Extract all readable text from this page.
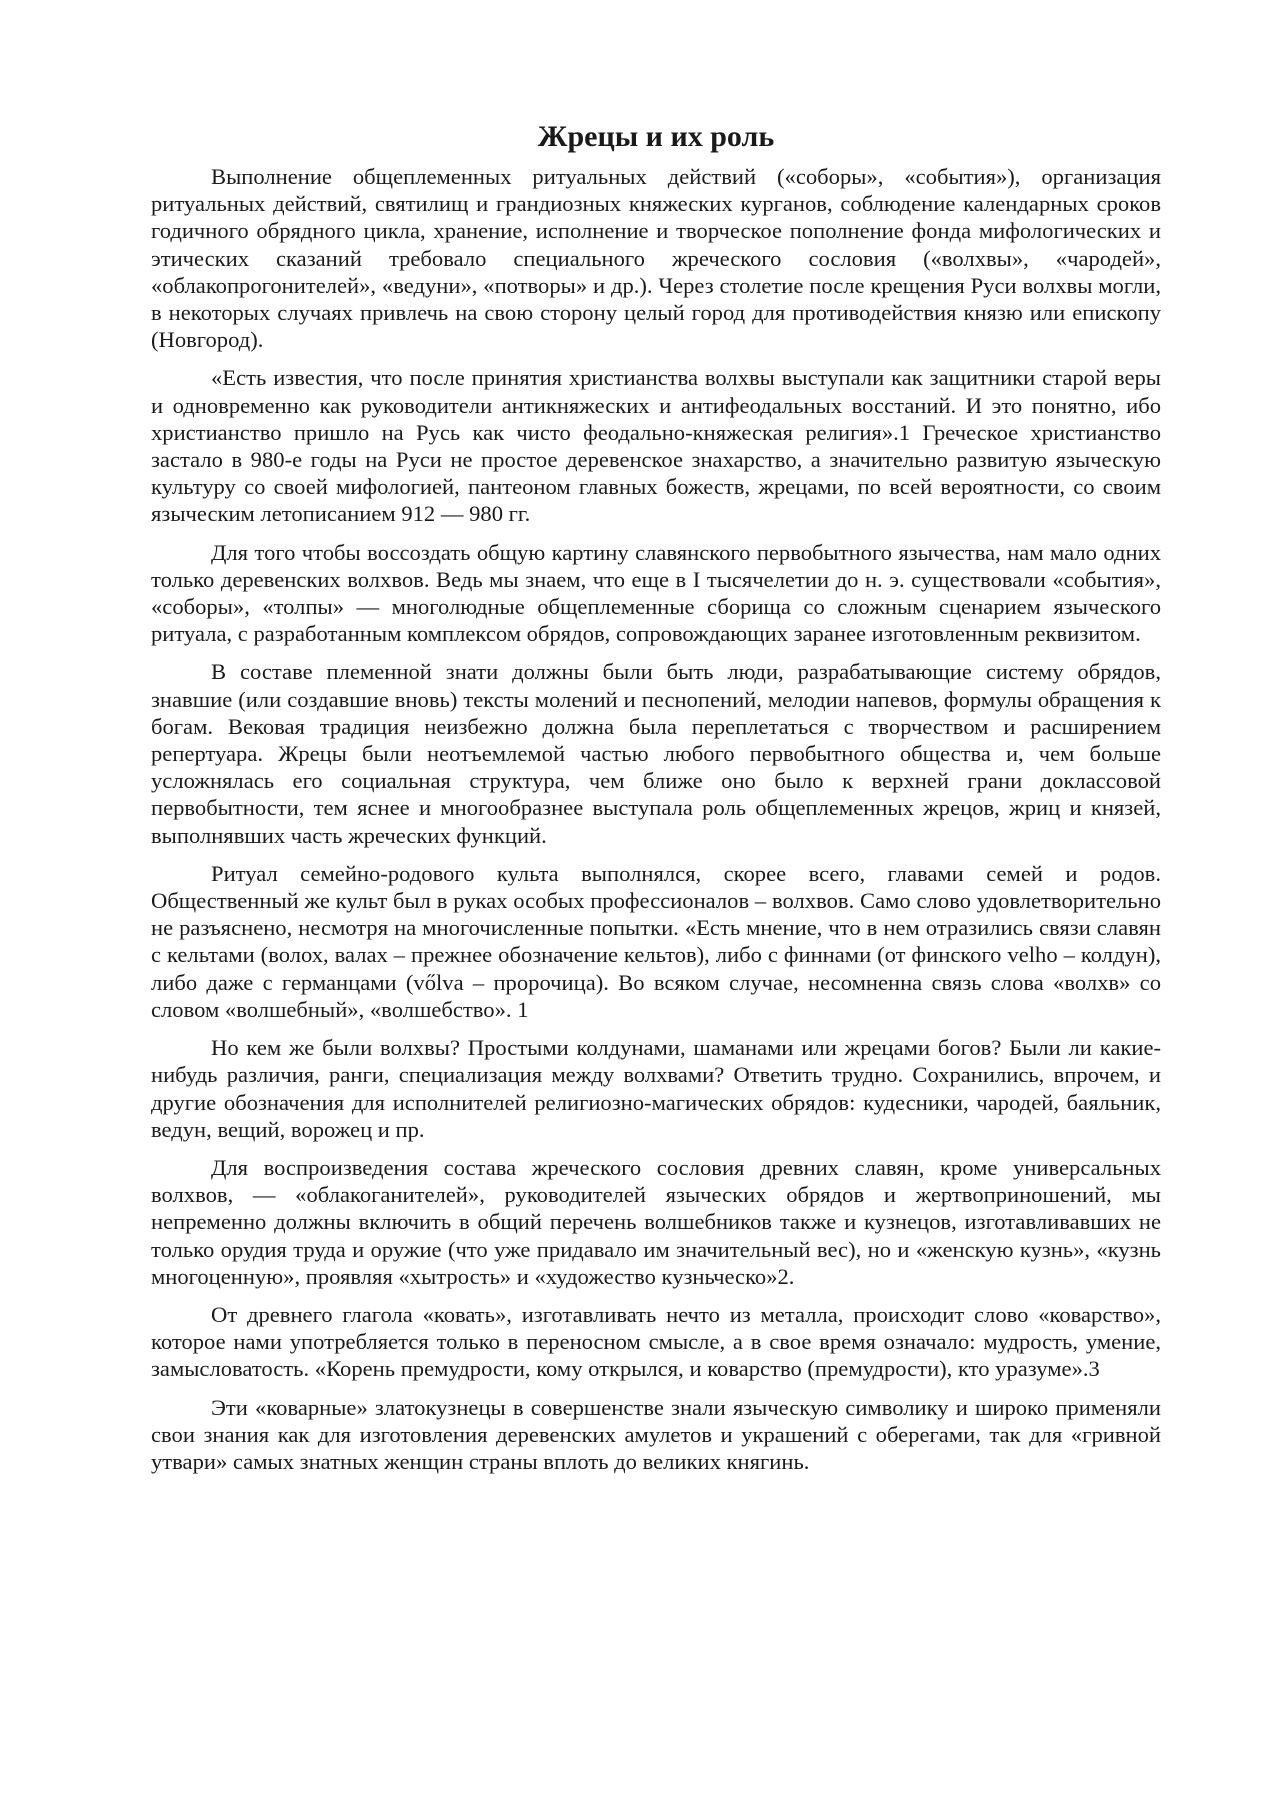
Жрецы и их роль

Выполнение общеплеменных ритуальных действий («соборы», «события»), организация ритуальных действий, святилищ и грандиозных княжеских курганов, соблюдение календарных сроков годичного обрядного цикла, хранение, исполнение и творческое пополнение фонда мифологических и этических сказаний требовало специального жреческого сословия («волхвы», «чародей», «облакопрогонителей», «ведуни», «потворы» и др.). Через столетие после крещения Руси волхвы могли, в некоторых случаях привлечь на свою сторону целый город для противодействия князю или епископу (Новгород).

«Есть известия, что после принятия христианства волхвы выступали как защитники старой веры и одновременно как руководители антикняжеских и антифеодальных восстаний. И это понятно, ибо христианство пришло на Русь как чисто феодально-княжеская религия».1 Греческое христианство застало в 980-е годы на Руси не простое деревенское знахарство, а значительно развитую языческую культуру со своей мифологией, пантеоном главных божеств, жрецами, по всей вероятности, со своим языческим летописанием 912 — 980 гг.

Для того чтобы воссоздать общую картину славянского первобытного язычества, нам мало одних только деревенских волхвов. Ведь мы знаем, что еще в I тысячелетии до н. э. существовали «события», «соборы», «толпы» — многолюдные общеплеменные сборища со сложным сценарием языческого ритуала, с разработанным комплексом обрядов, сопровождающих заранее изготовленным реквизитом.

В составе племенной знати должны были быть люди, разрабатывающие систему обрядов, знавшие (или создавшие вновь) тексты молений и песнопений, мелодии напевов, формулы обращения к богам. Вековая традиция неизбежно должна была переплетаться с творчеством и расширением репертуара. Жрецы были неотъемлемой частью любого первобытного общества и, чем больше усложнялась его социальная структура, чем ближе оно было к верхней грани доклассовой первобытности, тем яснее и многообразнее выступала роль общеплеменных жрецов, жриц и князей, выполнявших часть жреческих функций.

Ритуал семейно-родового культа выполнялся, скорее всего, главами семей и родов. Общественный же культ был в руках особых профессионалов – волхвов. Само слово удовлетворительно не разъяснено, несмотря на многочисленные попытки. «Есть мнение, что в нем отразились связи славян с кельтами (волох, валах – прежнее обозначение кельтов), либо с финнами (от финского velho – колдун), либо даже с германцами (vőlva – пророчица). Во всяком случае, несомненна связь слова «волхв» со словом «волшебный», «волшебство». 1

Но кем же были волхвы? Простыми колдунами, шаманами или жрецами богов? Были ли какие-нибудь различия, ранги, специализация между волхвами? Ответить трудно. Сохранились, впрочем, и другие обозначения для исполнителей религиозно-магических обрядов: кудесники, чародей, баяльник, ведун, вещий, ворожец и пр.

Для воспроизведения состава жреческого сословия древних славян, кроме универсальных волхвов, — «облакоганителей», руководителей языческих обрядов и жертвоприношений, мы непременно должны включить в общий перечень волшебников также и кузнецов, изготавливавших не только орудия труда и оружие (что уже придавало им значительный вес), но и «женскую кузнь», «кузнь многоценную», проявляя «хытрость» и «художество кузньческо»2.

От древнего глагола «ковать», изготавливать нечто из металла, происходит слово «коварство», которое нами употребляется только в переносном смысле, а в свое время означало: мудрость, умение, замысловатость. «Корень премудрости, кому открылся, и коварство (премудрости), кто уразуме».3

Эти «коварные» златокузнецы в совершенстве знали языческую символику и широко применяли свои знания как для изготовления деревенских амулетов и украшений с оберегами, так для «гривной утвари» самых знатных женщин страны вплоть до великих княгинь.
